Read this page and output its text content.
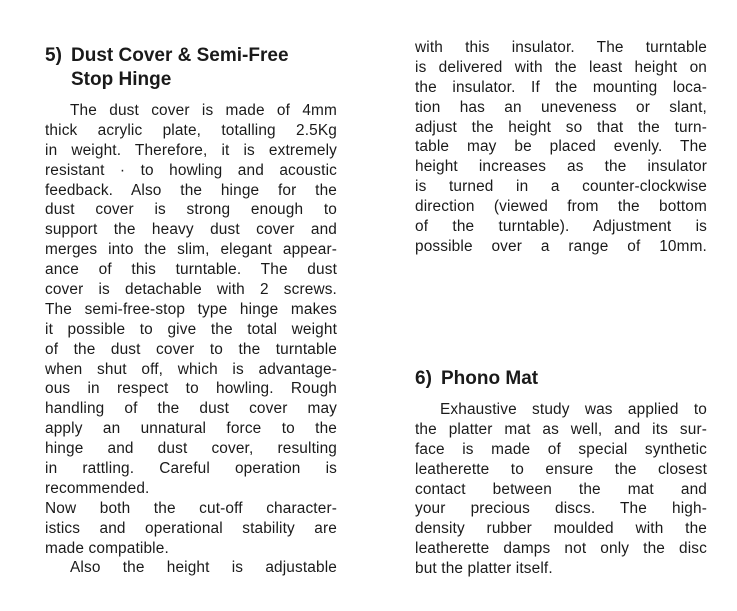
5) Dust Cover & Semi-Free
Stop Hinge
The dust cover is made of 4mm
thick acrylic plate, totalling 2.5Kg
in weight. Therefore, it is extremely
resistant · to howling and acoustic
feedback. Also the hinge for the
dust cover is strong enough to
support the heavy dust cover and
merges into the slim, elegant appear-
ance of this turntable. The dust
cover is detachable with 2 screws.
The semi-free-stop type hinge makes
it possible to give the total weight
of the dust cover to the turntable
when shut off, which is advantage-
ous in respect to howling. Rough
handling of the dust cover may
apply an unnatural force to the
hinge and dust cover, resulting
in rattling. Careful operation is
recommended.
Now both the cut-off character-
istics and operational stability are
made compatible.
Also the height is adjustable
with this insulator. The turntable
is delivered with the least height on
the insulator. If the mounting loca-
tion has an uneveness or slant,
adjust the height so that the turn-
table may be placed evenly. The
height increases as the insulator
is turned in a counter-clockwise
direction (viewed from the bottom
of the turntable). Adjustment is
possible over a range of 10mm.
6) Phono Mat
Exhaustive study was applied to
the platter mat as well, and its sur-
face is made of special synthetic
leatherette to ensure the closest
contact between the mat and
your precious discs. The high-
density rubber moulded with the
leatherette damps not only the disc
but the platter itself.
